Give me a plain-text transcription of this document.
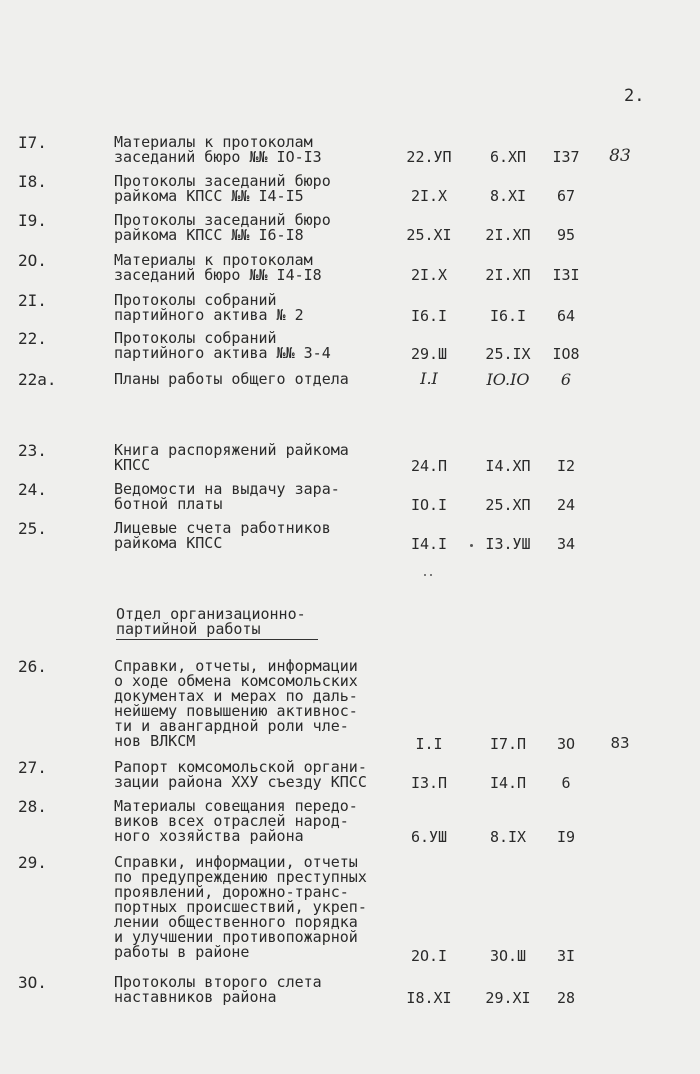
2.
I7.	Материалы к протоколам
заседаний бюро №№ IO-I3	22.УП	6.ХП	I37	83
I8.	Протоколы заседаний бюро
райкома КПСС №№ I4-I5	2I.X	8.XI	67
I9.	Протоколы заседаний бюро
райкома КПСС №№ I6-I8	25.XI	2I.ХП	95
2O.	Материалы к протоколам
заседаний бюро №№ I4-I8	2I.X	2I.ХП	I3I
2I.	Протоколы собраний
партийного актива № 2	I6.I	I6.I	64
22.	Протоколы собраний
партийного актива №№ 3-4	29.Ш	25.IX	IO8
22а.	Планы работы общего отдела	I.I	IO.IO	6
23.	Книга распоряжений райкома
КПСС	24.П	I4.ХП	I2
24.	Ведомости на выдачу зара-
ботной платы	IO.I	25.ХП	24
25.	Лицевые счета работников
райкома КПСС	I4.I	I3.УШ	34
Отдел организационно-
партийной работы
26.	Справки, отчеты, информации
о ходе обмена комсомольских
документах и мерах по даль-
нейшему повышению активнос-
ти и авангардной роли чле-
нов ВЛКСМ	I.I	I7.П	3O	83
27.	Рапорт комсомольской органи-
зации района ХХУ съезду КПСС	I3.П	I4.П	6
28.	Материалы совещания передо-
виков всех отраслей народ-
ного хозяйства района	6.УШ	8.IX	I9
29.	Справки, информации, отчеты
по предупреждению преступных
проявлений, дорожно-транс-
портных происшествий, укреп-
лении общественного порядка
и улучшении противопожарной
работы в районе	2O.I	3O.Ш	3I
3O.	Протоколы второго слета
наставников района	I8.XI	29.XI	28
